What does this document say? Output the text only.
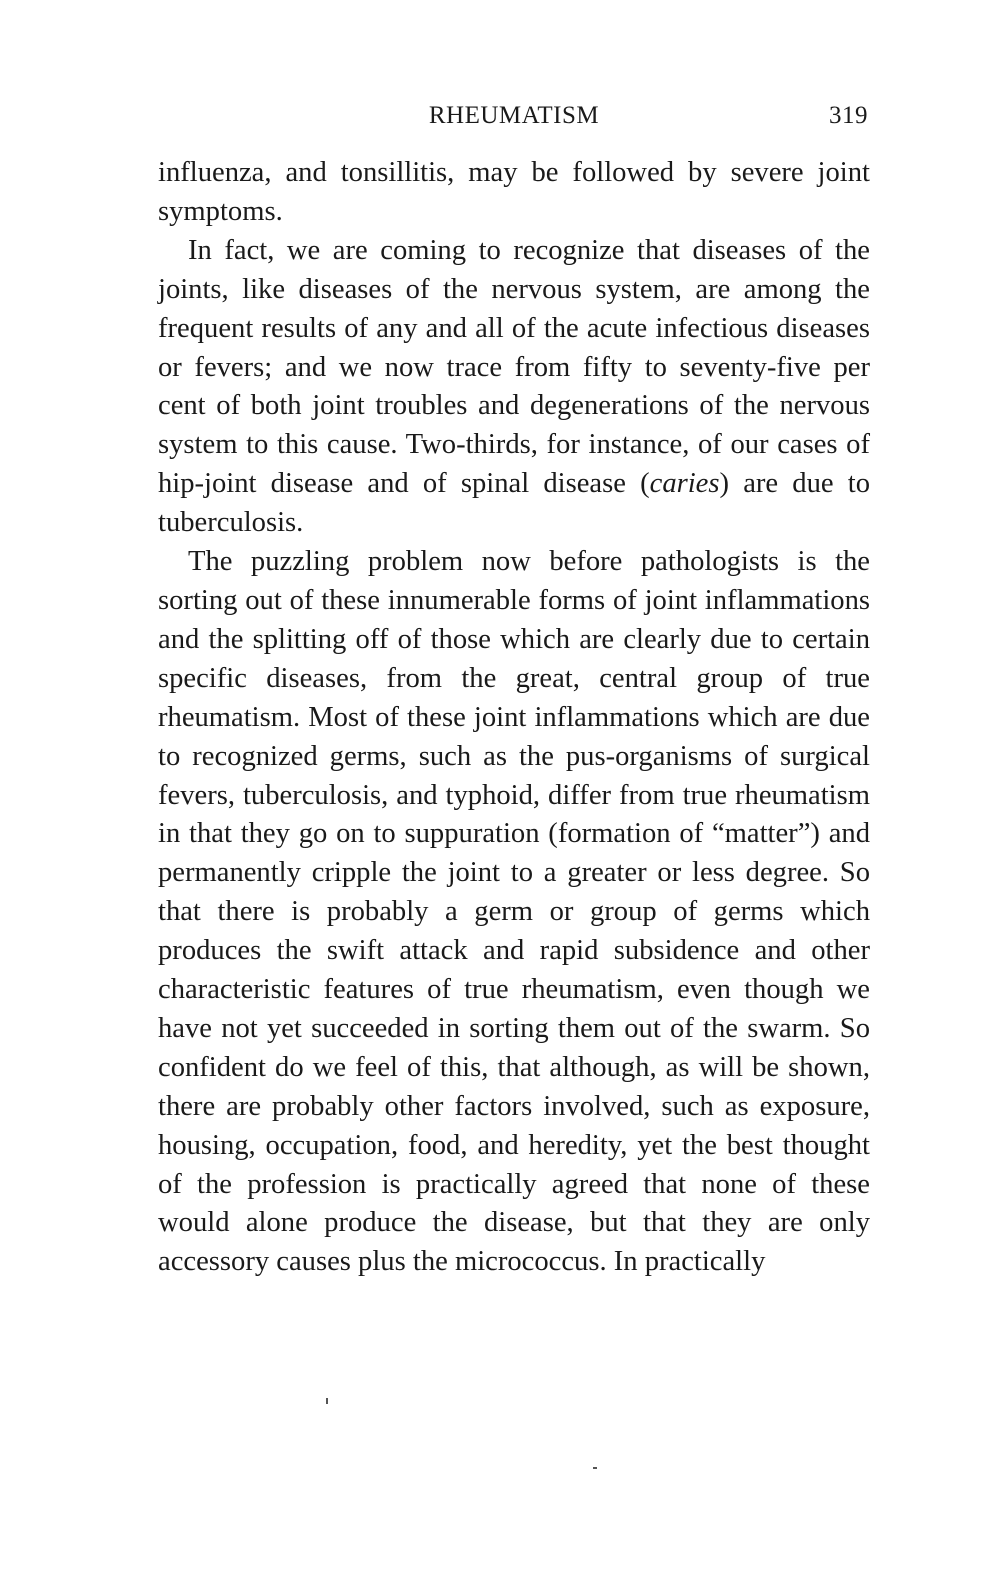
RHEUMATISM	319

influenza, and tonsillitis, may be followed by severe joint symptoms.

In fact, we are coming to recognize that diseases of the joints, like diseases of the nervous system, are among the frequent results of any and all of the acute infectious diseases or fevers; and we now trace from fifty to seventy-five per cent of both joint troubles and degenerations of the nervous system to this cause. Two-thirds, for instance, of our cases of hip-joint disease and of spinal disease (caries) are due to tuberculosis.

The puzzling problem now before pathologists is the sorting out of these innumerable forms of joint inflammations and the splitting off of those which are clearly due to certain specific diseases, from the great, central group of true rheumatism. Most of these joint inflammations which are due to recognized germs, such as the pus-organisms of surgical fevers, tuberculosis, and typhoid, differ from true rheumatism in that they go on to suppuration (formation of “matter”) and permanently cripple the joint to a greater or less degree. So that there is probably a germ or group of germs which produces the swift attack and rapid subsidence and other characteristic features of true rheumatism, even though we have not yet succeeded in sorting them out of the swarm. So confident do we feel of this, that although, as will be shown, there are probably other factors involved, such as exposure, housing, occupation, food, and heredity, yet the best thought of the profession is practically agreed that none of these would alone produce the disease, but that they are only accessory causes plus the micrococcus. In practically
